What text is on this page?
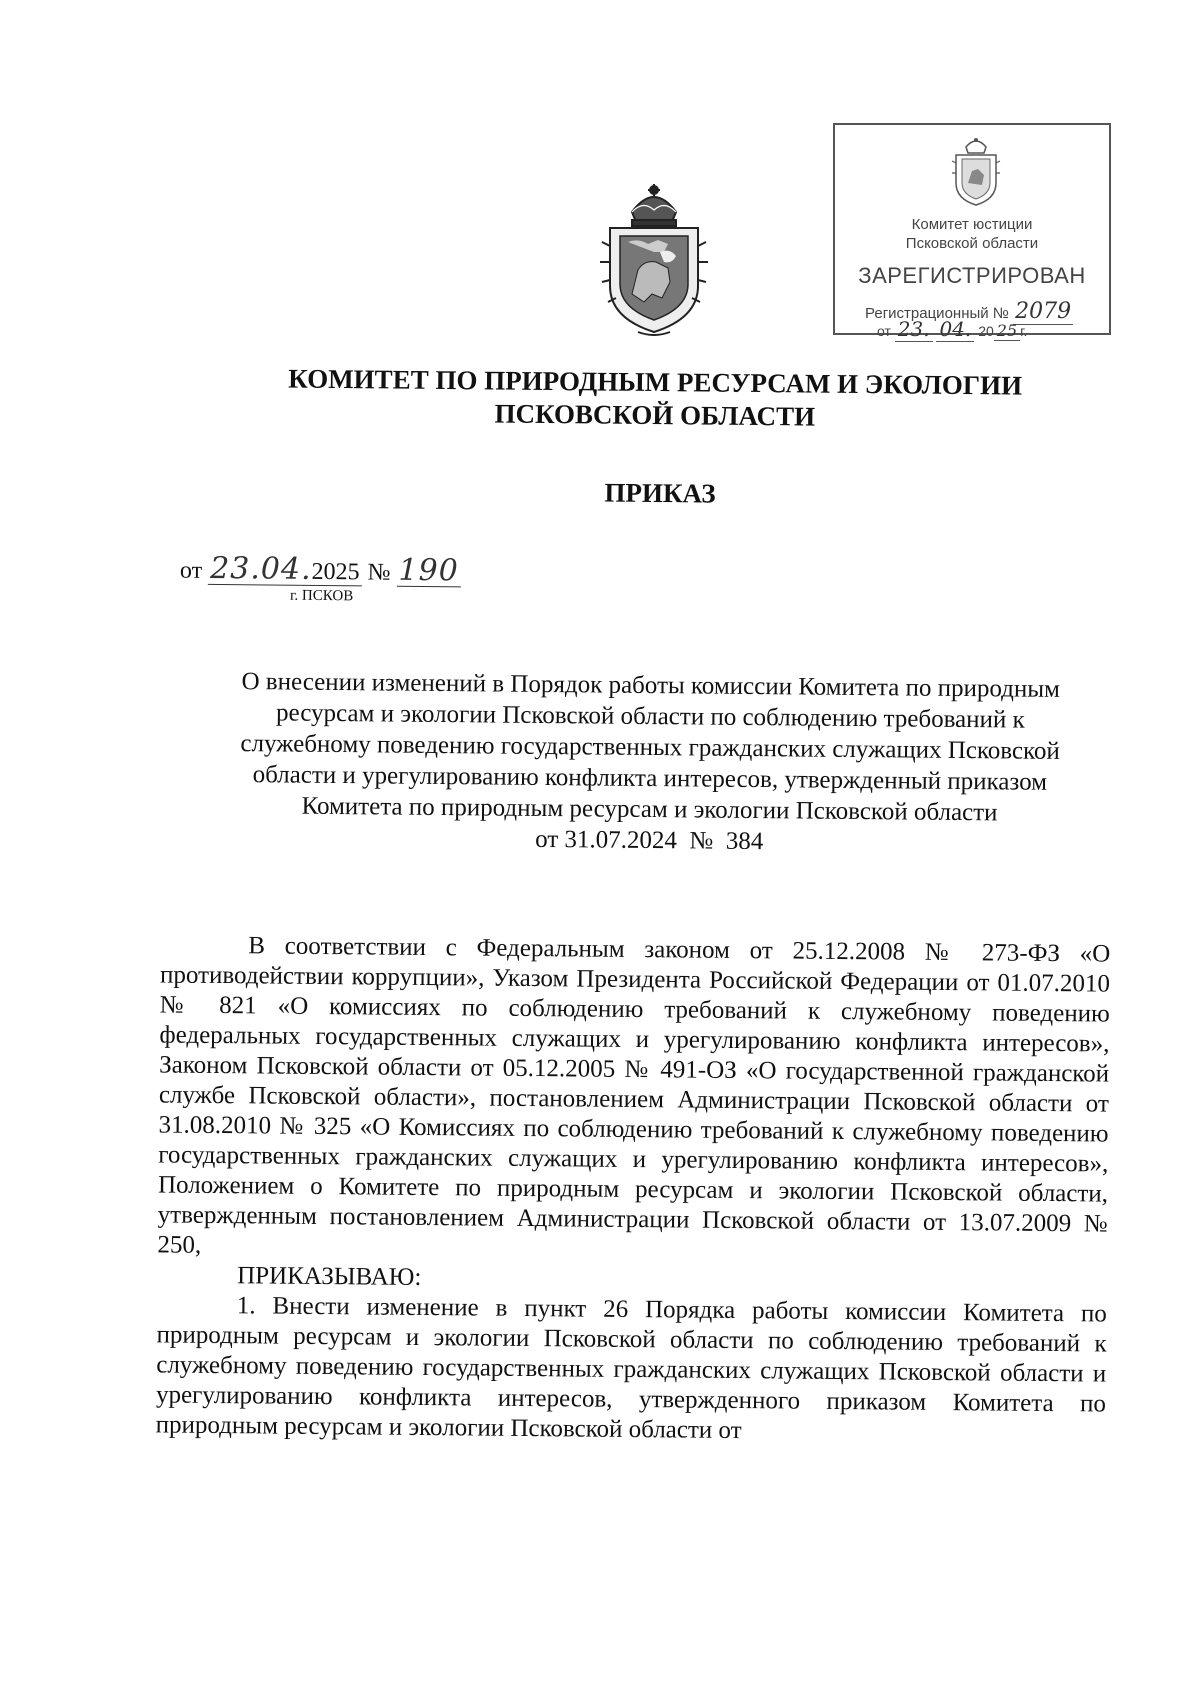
Комитет юстиции
Псковской области
ЗАРЕГИСТРИРОВАН
Регистрационный № 2079
от 23. 04. 20 25 г.
КОМИТЕТ ПО ПРИРОДНЫМ РЕСУРСАМ И ЭКОЛОГИИ
ПСКОВСКОЙ ОБЛАСТИ
ПРИКАЗ
от 23.04.2025 № 190
г. ПСКОВ
О внесении изменений в Порядок работы комиссии Комитета по природным
ресурсам и экологии Псковской области по соблюдению требований к
служебному поведению государственных гражданских служащих Псковской
области и урегулированию конфликта интересов, утвержденный приказом
Комитета по природным ресурсам и экологии Псковской области
от 31.07.2024  №  384

В соответствии с Федеральным законом от 25.12.2008 № 273-ФЗ «О противодействии коррупции», Указом Президента Российской Федерации от 01.07.2010 № 821 «О комиссиях по соблюдению требований к служебному поведению федеральных государственных служащих и урегулированию конфликта интересов», Законом Псковской области от 05.12.2005 № 491-ОЗ «О государственной гражданской службе Псковской области», постановлением Администрации Псковской области от 31.08.2010 № 325 «О Комиссиях по соблюдению требований к служебному поведению государственных гражданских служащих и урегулированию конфликта интересов», Положением о Комитете по природным ресурсам и экологии Псковской области, утвержденным постановлением Администрации Псковской области от 13.07.2009 № 250,

ПРИКАЗЫВАЮ:

1. Внести изменение в пункт 26 Порядка работы комиссии Комитета по природным ресурсам и экологии Псковской области по соблюдению требований к служебному поведению государственных гражданских служащих Псковской области и урегулированию конфликта интересов, утвержденного приказом Комитета по природным ресурсам и экологии Псковской области от
